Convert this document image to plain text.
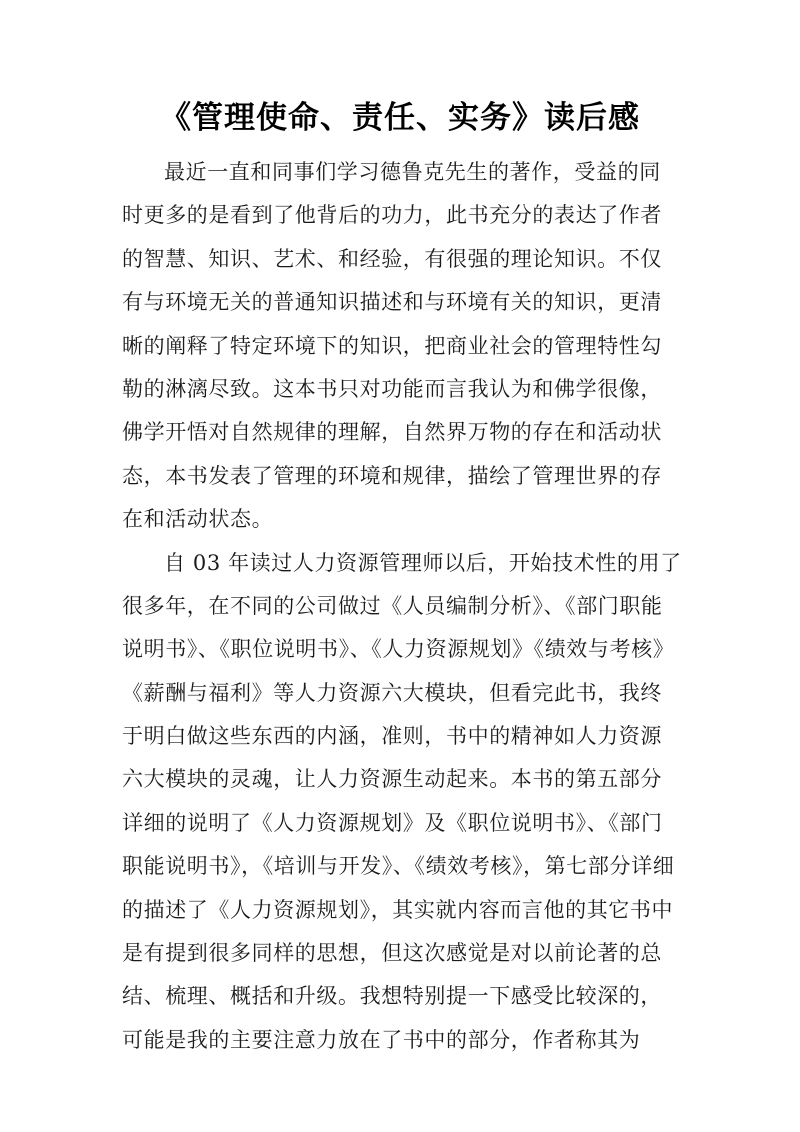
《管理使命、责任、实务》读后感
最近一直和同事们学习德鲁克先生的著作，受益的同
时更多的是看到了他背后的功力，此书充分的表达了作者
的智慧、知识、艺术、和经验，有很强的理论知识。不仅
有与环境无关的普通知识描述和与环境有关的知识，更清
晰的阐释了特定环境下的知识，把商业社会的管理特性勾
勒的淋漓尽致。这本书只对功能而言我认为和佛学很像，
佛学开悟对自然规律的理解，自然界万物的存在和活动状
态，本书发表了管理的环境和规律，描绘了管理世界的存
在和活动状态。
自 03 年读过人力资源管理师以后，开始技术性的用了
很多年，在不同的公司做过《人员编制分析》、《部门职能
说明书》、《职位说明书》、《人力资源规划》《绩效与考核》
《薪酬与福利》等人力资源六大模块，但看完此书，我终
于明白做这些东西的内涵，准则，书中的精神如人力资源
六大模块的灵魂，让人力资源生动起来。本书的第五部分
详细的说明了《人力资源规划》及《职位说明书》、《部门
职能说明书》，《培训与开发》、《绩效考核》，第七部分详细
的描述了《人力资源规划》，其实就内容而言他的其它书中
是有提到很多同样的思想，但这次感觉是对以前论著的总
结、梳理、概括和升级。我想特别提一下感受比较深的，
可能是我的主要注意力放在了书中的部分，作者称其为
